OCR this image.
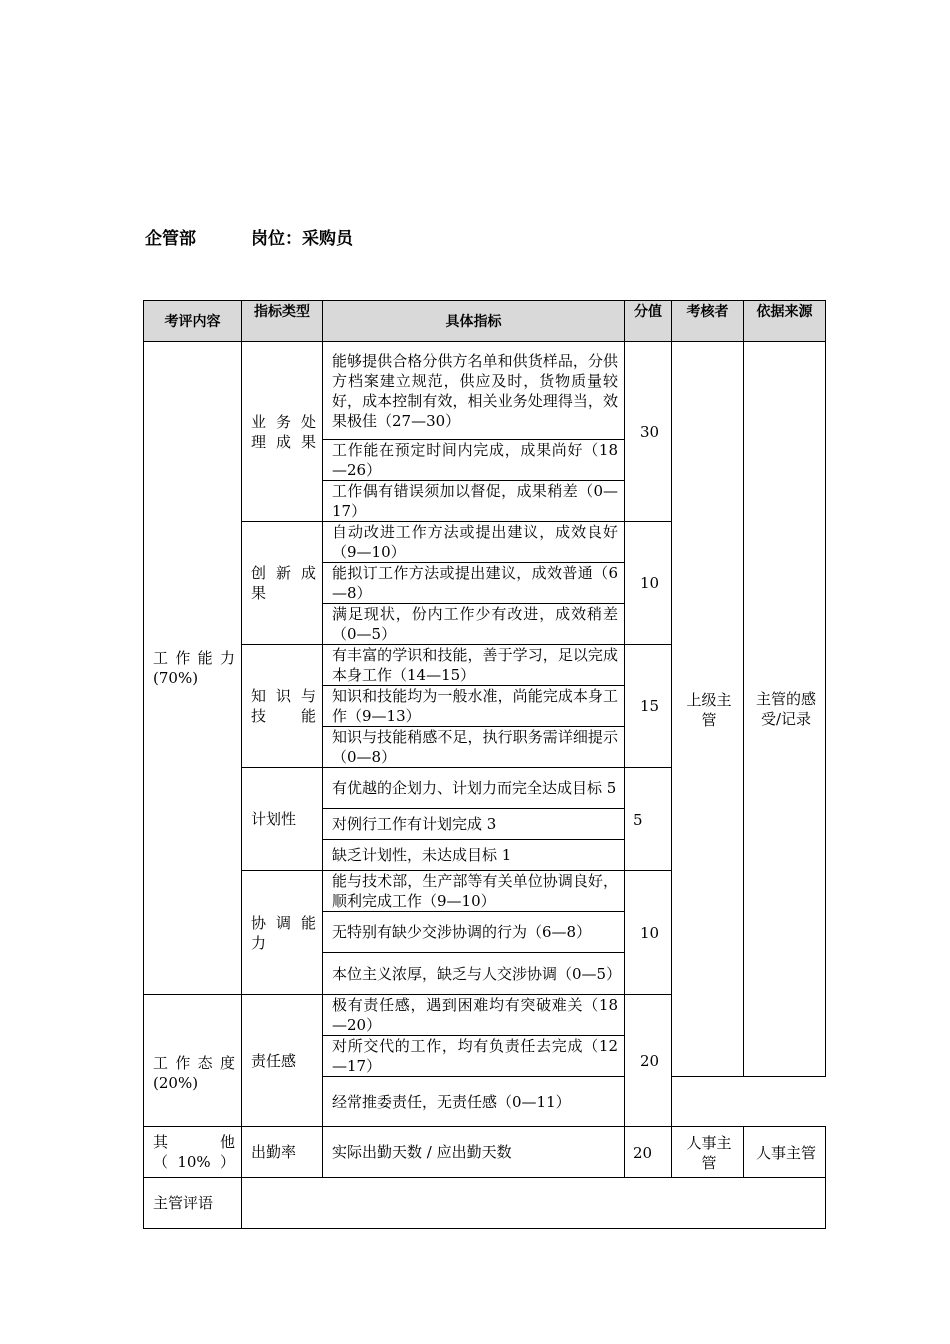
企管部	岗位：采购员
考评内容	指标类型	具体指标	分值	考核者	依据来源
工 作 能 力 (70%)	业 务 处 理成果	能够提供合格分供方名单和供货样品，分供方档案建立规范，供应及时，货物质量较好，成本控制有效，相关业务处理得当，效果极佳（27—30）	30	上级主管	主管的感受/记录
		工作能在预定时间内完成，成果尚好（18—26）			
		工作偶有错误须加以督促，成果稍差（0—17）			
	创 新 成 果	自动改进工作方法或提出建议，成效良好（9—10）	10		
		能拟订工作方法或提出建议，成效普通（6—8）			
		满足现状，份内工作少有改进，成效稍差（0—5）			
	知 识 与 技能	有丰富的学识和技能，善于学习，足以完成本身工作（14—15）	15		
		知识和技能均为一般水准，尚能完成本身工作（9—13）			
		知识与技能稍感不足，执行职务需详细提示（0—8）			
	计划性	有优越的企划力、计划力而完全达成目标 5	5		
		对例行工作有计划完成 3			
		缺乏计划性，未达成目标 1			
	协 调 能 力	能与技术部，生产部等有关单位协调良好，顺利完成工作（9—10）	10		
		无特别有缺少交涉协调的行为（6—8）			
		本位主义浓厚，缺乏与人交涉协调（0—5）			
工 作 态 度 (20%)	责任感	极有责任感，遇到困难均有突破难关（18—20）	20		
		对所交代的工作，均有负责任去完成（12—17）			
		经常推委责任，无责任感（0—11）			
其　　　他（10%）	出勤率	实际出勤天数 / 应出勤天数	20	人事主管	人事主管
主管评语					
